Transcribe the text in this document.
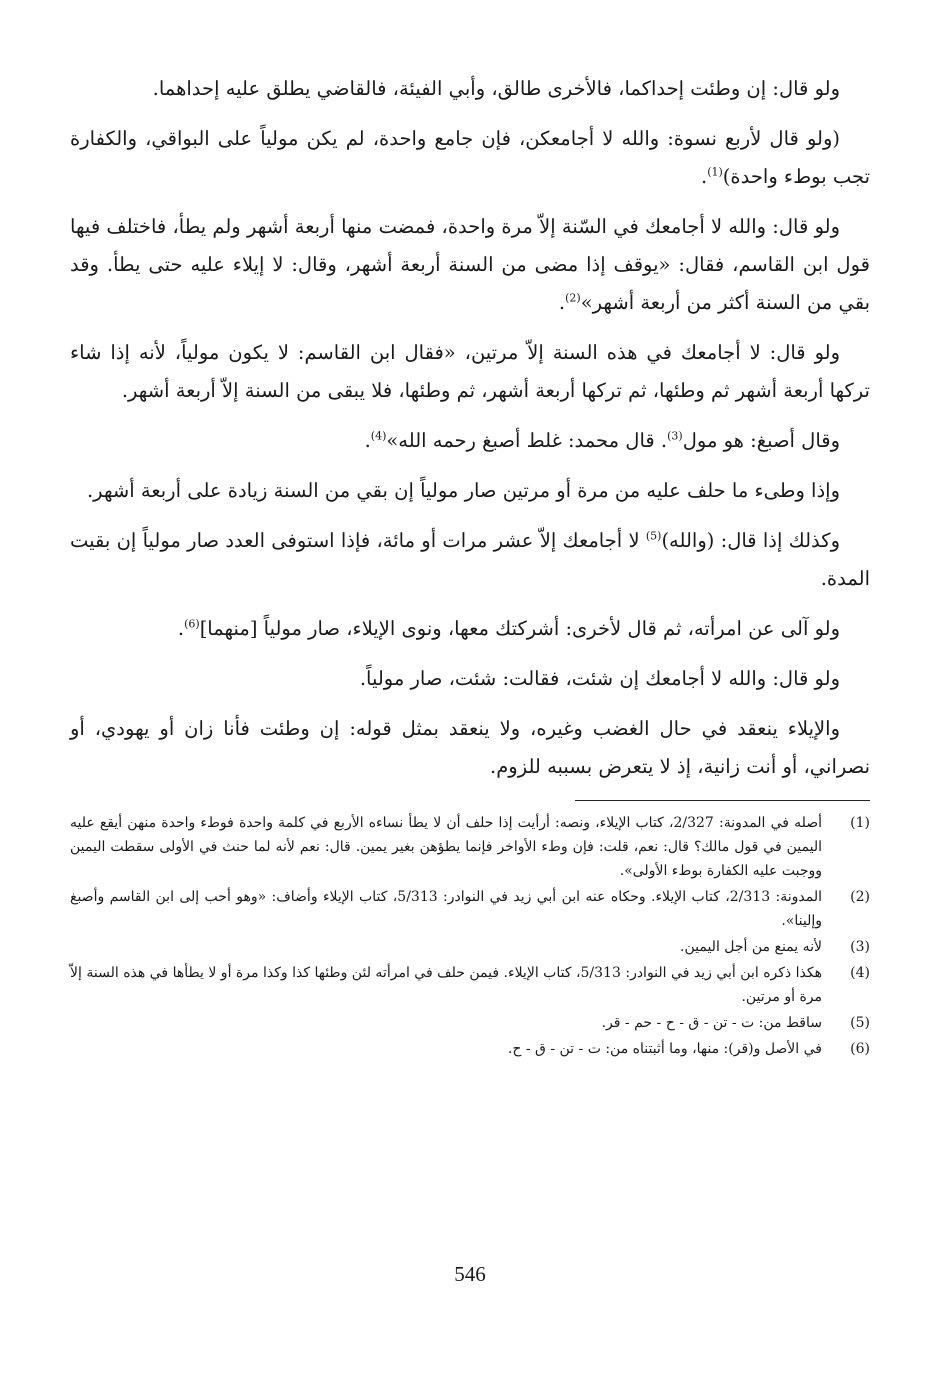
ولو قال: إن وطئت إحداكما، فالأخرى طالق، وأبي الفيئة، فالقاضي يطلق عليه إحداهما.

(ولو قال لأربع نسوة: والله لا أجامعكن، فإن جامع واحدة، لم يكن مولياً على البواقي، والكفارة تجب بوطء واحدة)$^{(1)}$.

ولو قال: والله لا أجامعك في السّنة إلاّ مرة واحدة، فمضت منها أربعة أشهر ولم يطأ، فاختلف فيها قول ابن القاسم، فقال: «يوقف إذا مضى من السنة أربعة أشهر، وقال: لا إيلاء عليه حتى يطأ. وقد بقي من السنة أكثر من أربعة أشهر»$^{(2)}$.

ولو قال: لا أجامعك في هذه السنة إلاّ مرتين، «فقال ابن القاسم: لا يكون مولياً، لأنه إذا شاء تركها أربعة أشهر ثم وطئها، ثم تركها أربعة أشهر، ثم وطئها، فلا يبقى من السنة إلاّ أربعة أشهر.

وقال أصبغ: هو مول$^{(3)}$. قال محمد: غلط أصبغ رحمه الله»$^{(4)}$.

وإذا وطىء ما حلف عليه من مرة أو مرتين صار مولياً إن بقي من السنة زيادة على أربعة أشهر.

وكذلك إذا قال: (والله)$^{(5)}$ لا أجامعك إلاّ عشر مرات أو مائة، فإذا استوفى العدد صار مولياً إن بقيت المدة.

ولو آلى عن امرأته، ثم قال لأخرى: أشركتك معها، ونوى الإيلاء، صار مولياً [منهما]$^{(6)}$.

ولو قال: والله لا أجامعك إن شئت، فقالت: شئت، صار مولياً.

والإيلاء ينعقد في حال الغضب وغيره، ولا ينعقد بمثل قوله: إن وطئت فأنا زان أو يهودي، أو نصراني، أو أنت زانية، إذ لا يتعرض بسببه للزوم.

(1)
أصله في المدونة: 2/327، كتاب الإيلاء، ونصه: أرأيت إذا حلف أن لا يطأ نساءه الأربع في كلمة واحدة فوطء واحدة منهن أيقع عليه اليمين في قول مالك؟ قال: نعم، قلت: فإن وطء الأواخر فإنما يطؤهن بغير يمين. قال: نعم لأنه لما حنث في الأولى سقطت اليمين ووجبت عليه الكفارة بوطء الأولى».
(2)
المدونة: 2/313، كتاب الإيلاء. وحكاه عنه ابن أبي زيد في النوادر: 5/313، كتاب الإيلاء وأضاف: «وهو أحب إلى ابن القاسم وأصبغ وإلينا».
(3)
لأنه يمنع من أجل اليمين.
(4)
هكذا ذكره ابن أبي زيد في النوادر: 5/313، كتاب الإيلاء. فيمن حلف في امرأته لئن وطئها كذا وكذا مرة أو لا يطأها في هذه السنة إلاّ مرة أو مرتين.
(5)
ساقط من: ت - تن - ق - ح - حم - قر.
(6)
في الأصل و(قر): منها، وما أثبتناه من: ت - تن - ق - ح.
546
